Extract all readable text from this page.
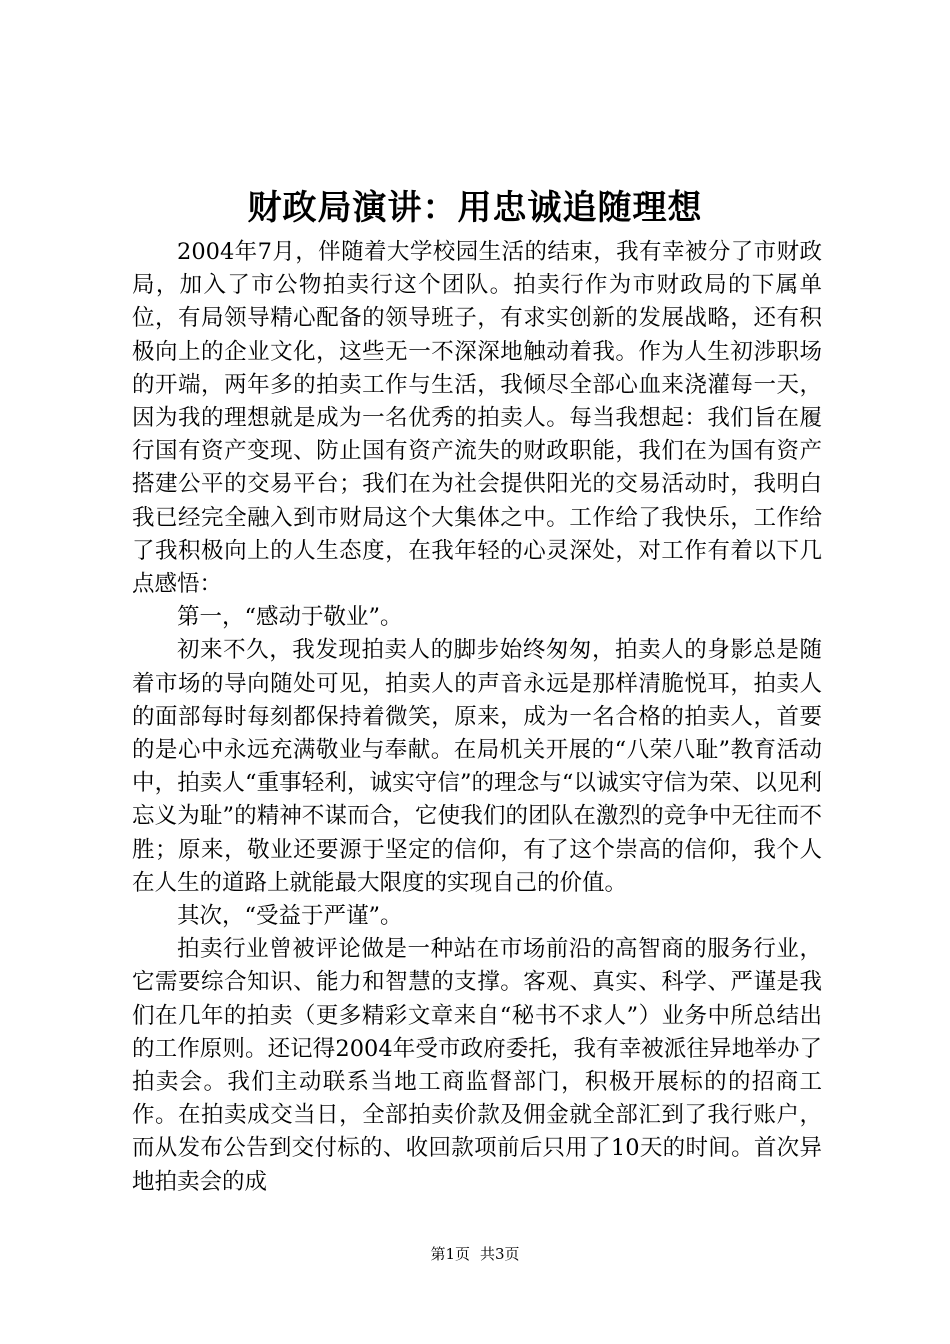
财政局演讲：用忠诚追随理想

2004年7月，伴随着大学校园生活的结束，我有幸被分了市财政局，加入了市公物拍卖行这个团队。拍卖行作为市财政局的下属单位，有局领导精心配备的领导班子，有求实创新的发展战略，还有积极向上的企业文化，这些无一不深深地触动着我。作为人生初涉职场的开端，两年多的拍卖工作与生活，我倾尽全部心血来浇灌每一天，因为我的理想就是成为一名优秀的拍卖人。每当我想起：我们旨在履行国有资产变现、防止国有资产流失的财政职能，我们在为国有资产搭建公平的交易平台；我们在为社会提供阳光的交易活动时，我明白我已经完全融入到市财局这个大集体之中。工作给了我快乐，工作给了我积极向上的人生态度，在我年轻的心灵深处，对工作有着以下几点感悟：

第一，“感动于敬业”。

初来不久，我发现拍卖人的脚步始终匆匆，拍卖人的身影总是随着市场的导向随处可见，拍卖人的声音永远是那样清脆悦耳，拍卖人的面部每时每刻都保持着微笑，原来，成为一名合格的拍卖人，首要的是心中永远充满敬业与奉献。在局机关开展的“八荣八耻”教育活动中，拍卖人“重事轻利，诚实守信”的理念与“以诚实守信为荣、以见利忘义为耻”的精神不谋而合，它使我们的团队在激烈的竞争中无往而不胜；原来，敬业还要源于坚定的信仰，有了这个崇高的信仰，我个人在人生的道路上就能最大限度的实现自己的价值。

其次，“受益于严谨”。

拍卖行业曾被评论做是一种站在市场前沿的高智商的服务行业，它需要综合知识、能力和智慧的支撑。客观、真实、科学、严谨是我们在几年的拍卖（更多精彩文章来自“秘书不求人”）业务中所总结出的工作原则。还记得2004年受市政府委托，我有幸被派往异地举办了拍卖会。我们主动联系当地工商监督部门，积极开展标的的招商工作。在拍卖成交当日，全部拍卖价款及佣金就全部汇到了我行账户，而从发布公告到交付标的、收回款项前后只用了10天的时间。首次异地拍卖会的成

第1页 共3页
